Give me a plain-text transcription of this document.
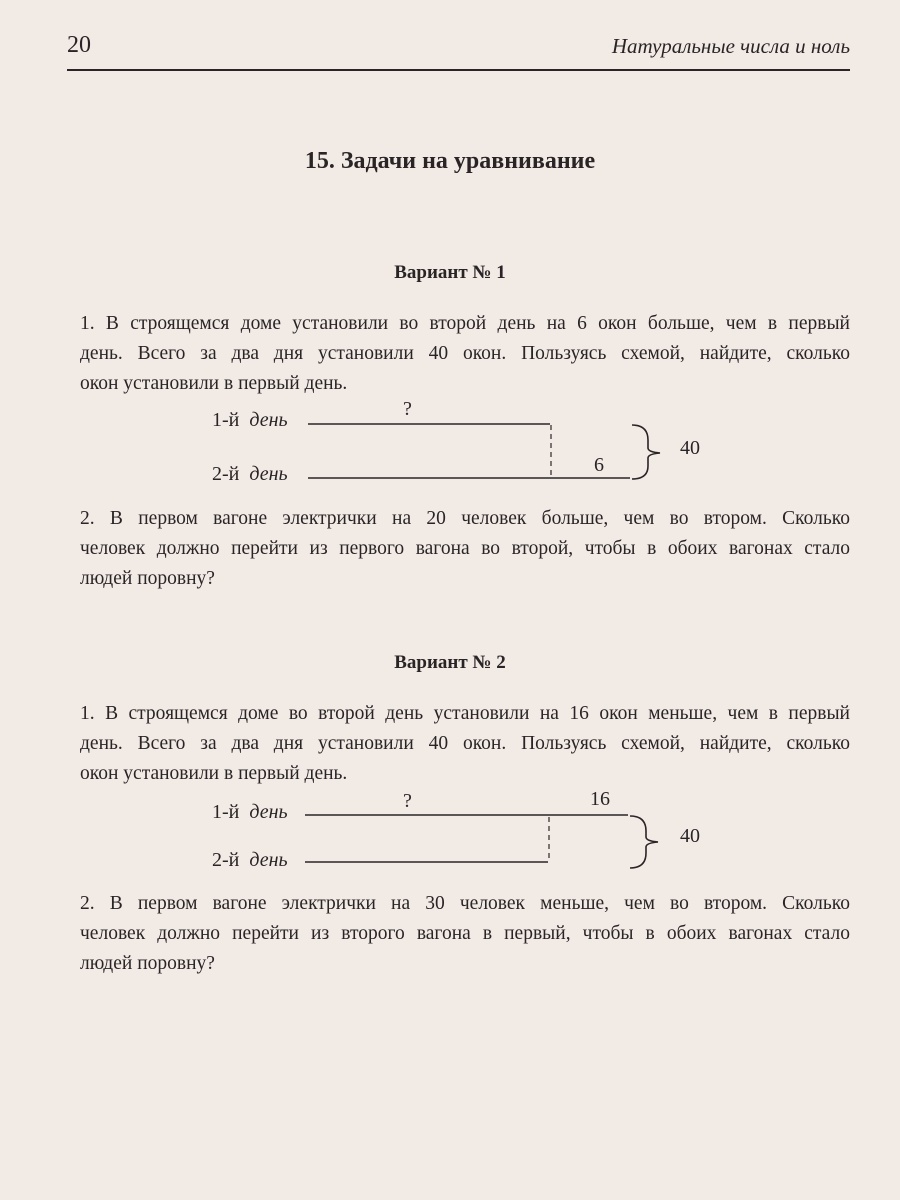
20	Натуральные числа и ноль
15. Задачи на уравнивание
Вариант № 1
1. В строящемся доме установили во второй день на 6 окон больше, чем в первый
день. Всего за два дня установили 40 окон. Пользуясь схемой, найдите, сколько
окон установили в первый день.
1-й день
2-й день
?
6
40
2. В первом вагоне электрички на 20 человек больше, чем во втором. Сколько
человек должно перейти из первого вагона во второй, чтобы в обоих вагонах стало
людей поровну?
Вариант № 2
1. В строящемся доме во второй день установили на 16 окон меньше, чем в первый
день. Всего за два дня установили 40 окон. Пользуясь схемой, найдите, сколько
окон установили в первый день.
1-й день
2-й день
?	16
40
2. В первом вагоне электрички на 30 человек меньше, чем во втором. Сколько
человек должно перейти из второго вагона в первый, чтобы в обоих вагонах стало
людей поровну?
